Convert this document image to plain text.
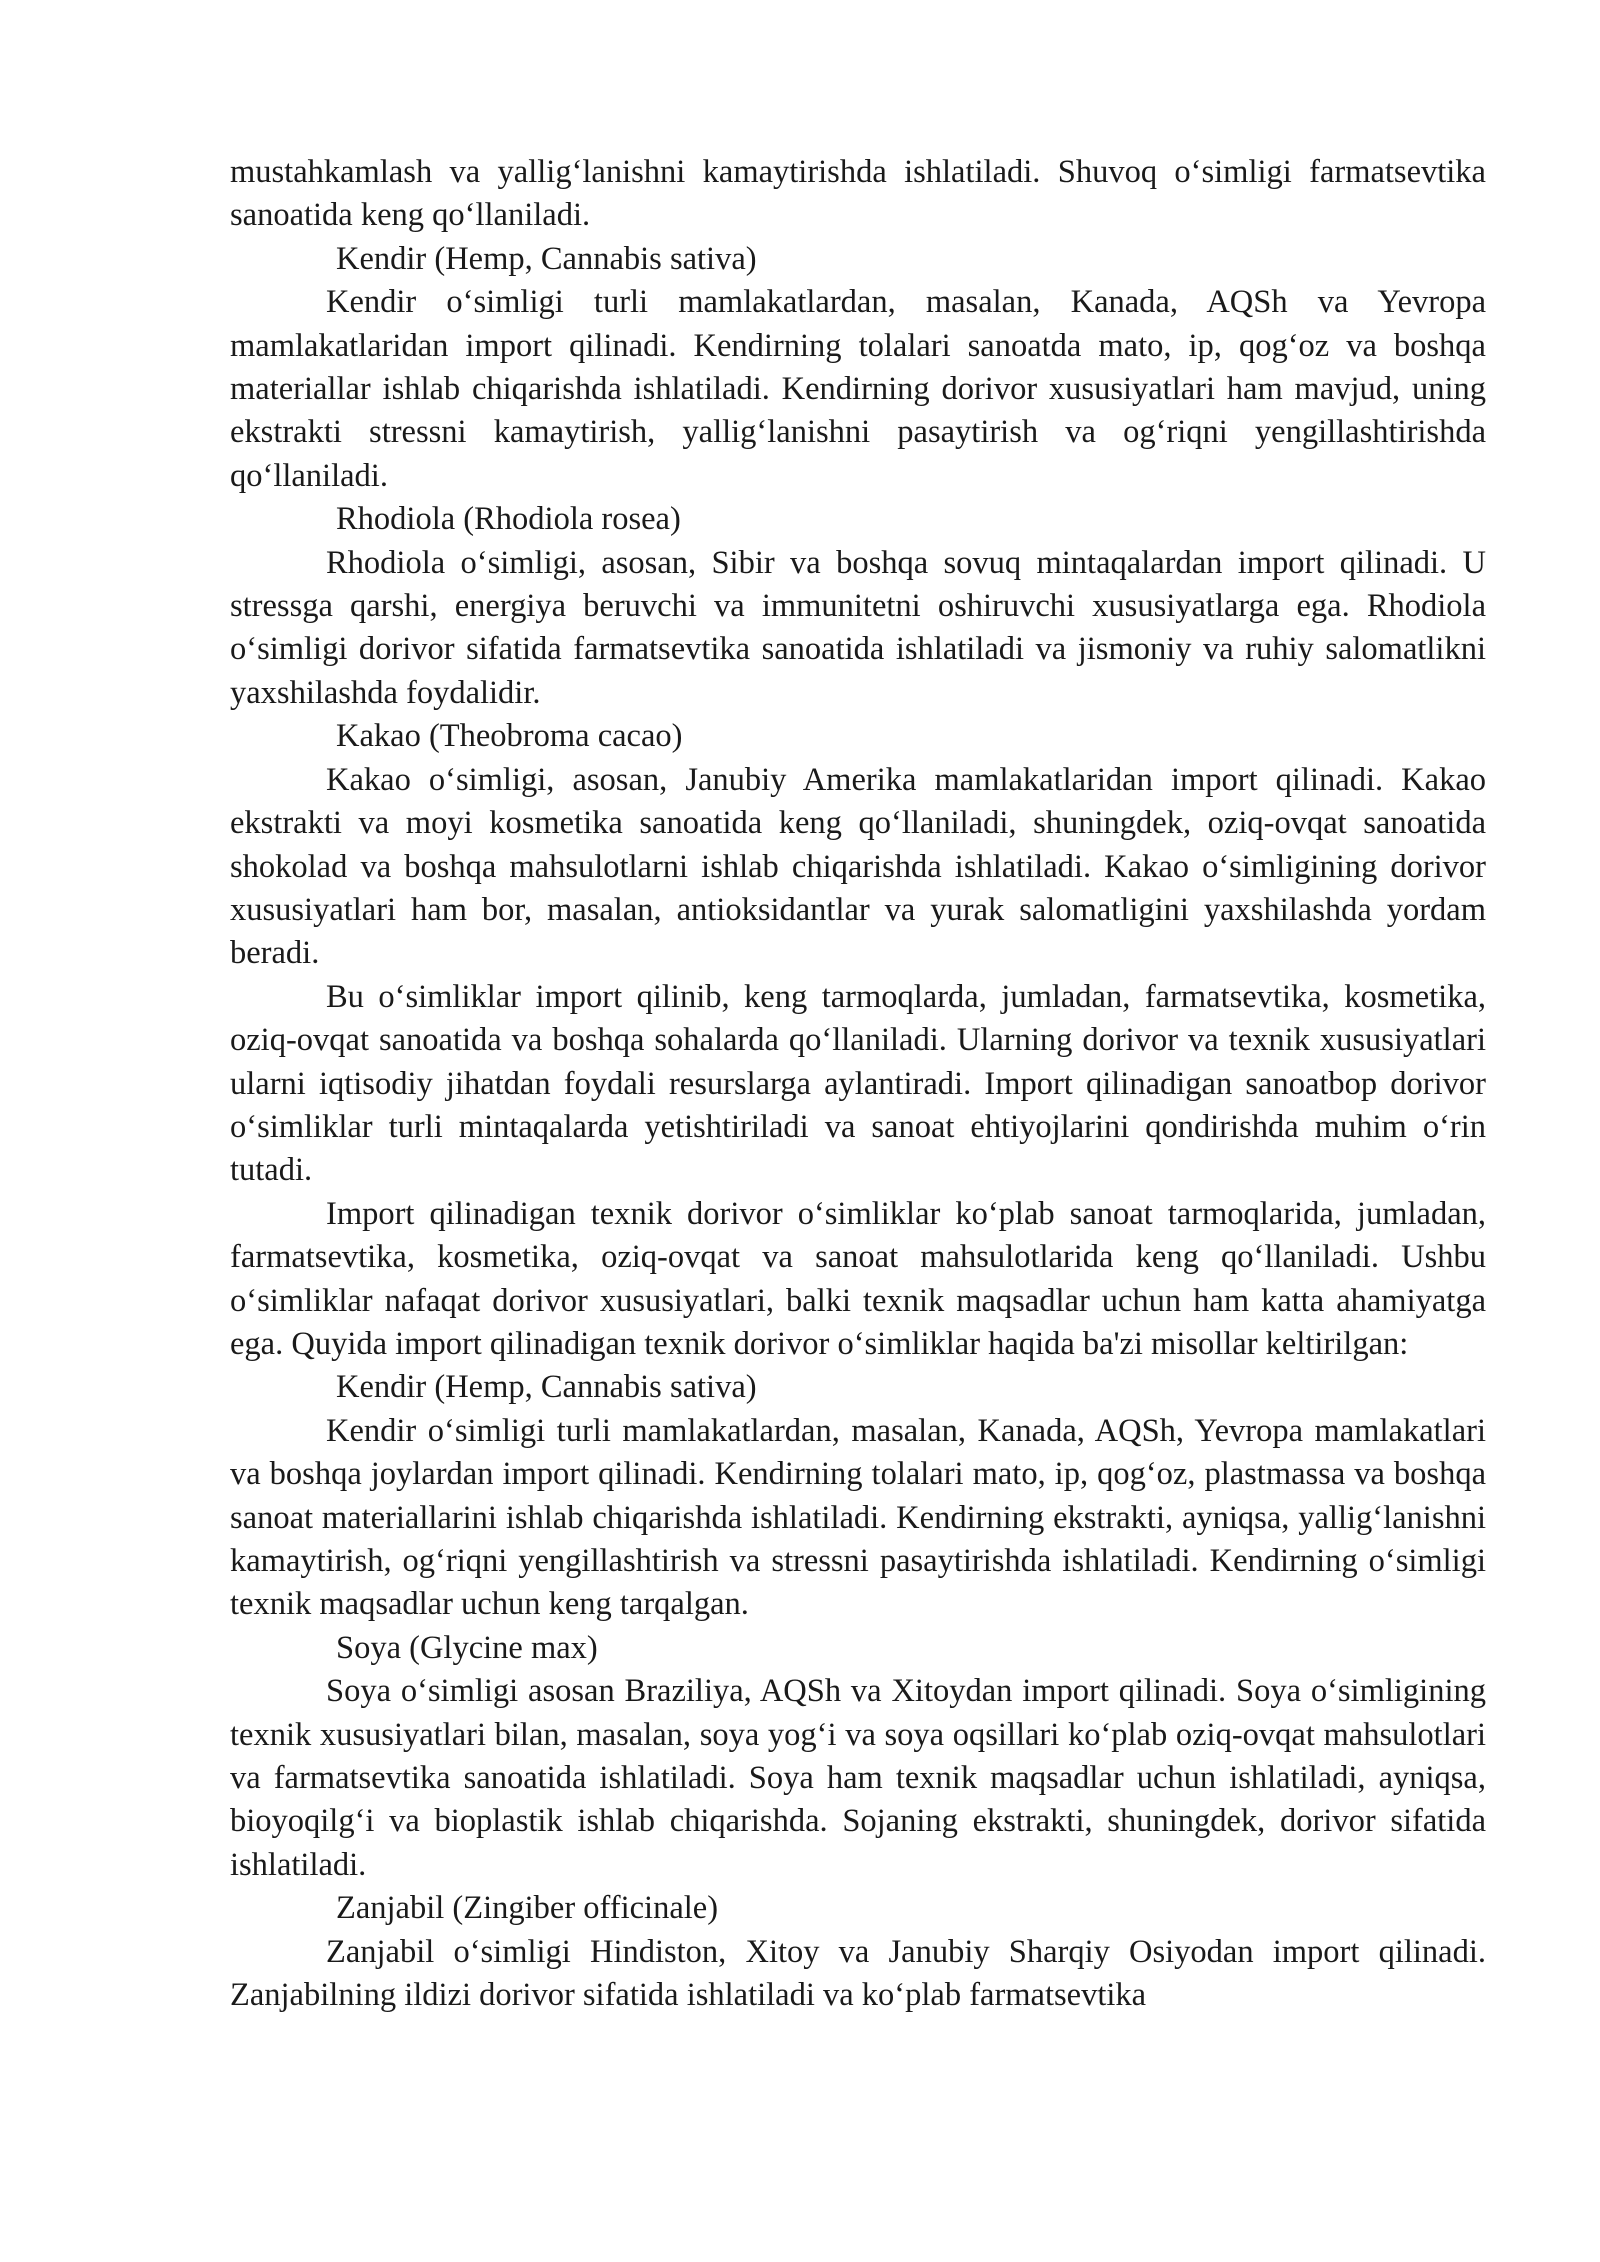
mustahkamlash va yallig‘lanishni kamaytirishda ishlatiladi. Shuvoq o‘simligi farmatsevtika sanoatida keng qo‘llaniladi.

Kendir (Hemp, Cannabis sativa)

Kendir o‘simligi turli mamlakatlardan, masalan, Kanada, AQSh va Yevropa mamlakatlaridan import qilinadi. Kendirning tolalari sanoatda mato, ip, qog‘oz va boshqa materiallar ishlab chiqarishda ishlatiladi. Kendirning dorivor xususiyatlari ham mavjud, uning ekstrakti stressni kamaytirish, yallig‘lanishni pasaytirish va og‘riqni yengillashtirishda qo‘llaniladi.

Rhodiola (Rhodiola rosea)

Rhodiola o‘simligi, asosan, Sibir va boshqa sovuq mintaqalardan import qilinadi. U stressga qarshi, energiya beruvchi va immunitetni oshiruvchi xususiyatlarga ega. Rhodiola o‘simligi dorivor sifatida farmatsevtika sanoatida ishlatiladi va jismoniy va ruhiy salomatlikni yaxshilashda foydalidir.

Kakao (Theobroma cacao)

Kakao o‘simligi, asosan, Janubiy Amerika mamlakatlaridan import qilinadi. Kakao ekstrakti va moyi kosmetika sanoatida keng qo‘llaniladi, shuningdek, oziq-ovqat sanoatida shokolad va boshqa mahsulotlarni ishlab chiqarishda ishlatiladi. Kakao o‘simligining dorivor xususiyatlari ham bor, masalan, antioksidantlar va yurak salomatligini yaxshilashda yordam beradi.

Bu o‘simliklar import qilinib, keng tarmoqlarda, jumladan, farmatsevtika, kosmetika, oziq-ovqat sanoatida va boshqa sohalarda qo‘llaniladi. Ularning dorivor va texnik xususiyatlari ularni iqtisodiy jihatdan foydali resurslarga aylantiradi. Import qilinadigan sanoatbop dorivor o‘simliklar turli mintaqalarda yetishtiriladi va sanoat ehtiyojlarini qondirishda muhim o‘rin tutadi.

Import qilinadigan texnik dorivor o‘simliklar ko‘plab sanoat tarmoqlarida, jumladan, farmatsevtika, kosmetika, oziq-ovqat va sanoat mahsulotlarida keng qo‘llaniladi. Ushbu o‘simliklar nafaqat dorivor xususiyatlari, balki texnik maqsadlar uchun ham katta ahamiyatga ega. Quyida import qilinadigan texnik dorivor o‘simliklar haqida ba'zi misollar keltirilgan:

Kendir (Hemp, Cannabis sativa)

Kendir o‘simligi turli mamlakatlardan, masalan, Kanada, AQSh, Yevropa mamlakatlari va boshqa joylardan import qilinadi. Kendirning tolalari mato, ip, qog‘oz, plastmassa va boshqa sanoat materiallarini ishlab chiqarishda ishlatiladi. Kendirning ekstrakti, ayniqsa, yallig‘lanishni kamaytirish, og‘riqni yengillashtirish va stressni pasaytirishda ishlatiladi. Kendirning o‘simligi texnik maqsadlar uchun keng tarqalgan.

Soya (Glycine max)

Soya o‘simligi asosan Braziliya, AQSh va Xitoydan import qilinadi. Soya o‘simligining texnik xususiyatlari bilan, masalan, soya yog‘i va soya oqsillari ko‘plab oziq-ovqat mahsulotlari va farmatsevtika sanoatida ishlatiladi. Soya ham texnik maqsadlar uchun ishlatiladi, ayniqsa, bioyoqilg‘i va bioplastik ishlab chiqarishda. Sojaning ekstrakti, shuningdek, dorivor sifatida ishlatiladi.

Zanjabil (Zingiber officinale)

Zanjabil o‘simligi Hindiston, Xitoy va Janubiy Sharqiy Osiyodan import qilinadi. Zanjabilning ildizi dorivor sifatida ishlatiladi va ko‘plab farmatsevtika
